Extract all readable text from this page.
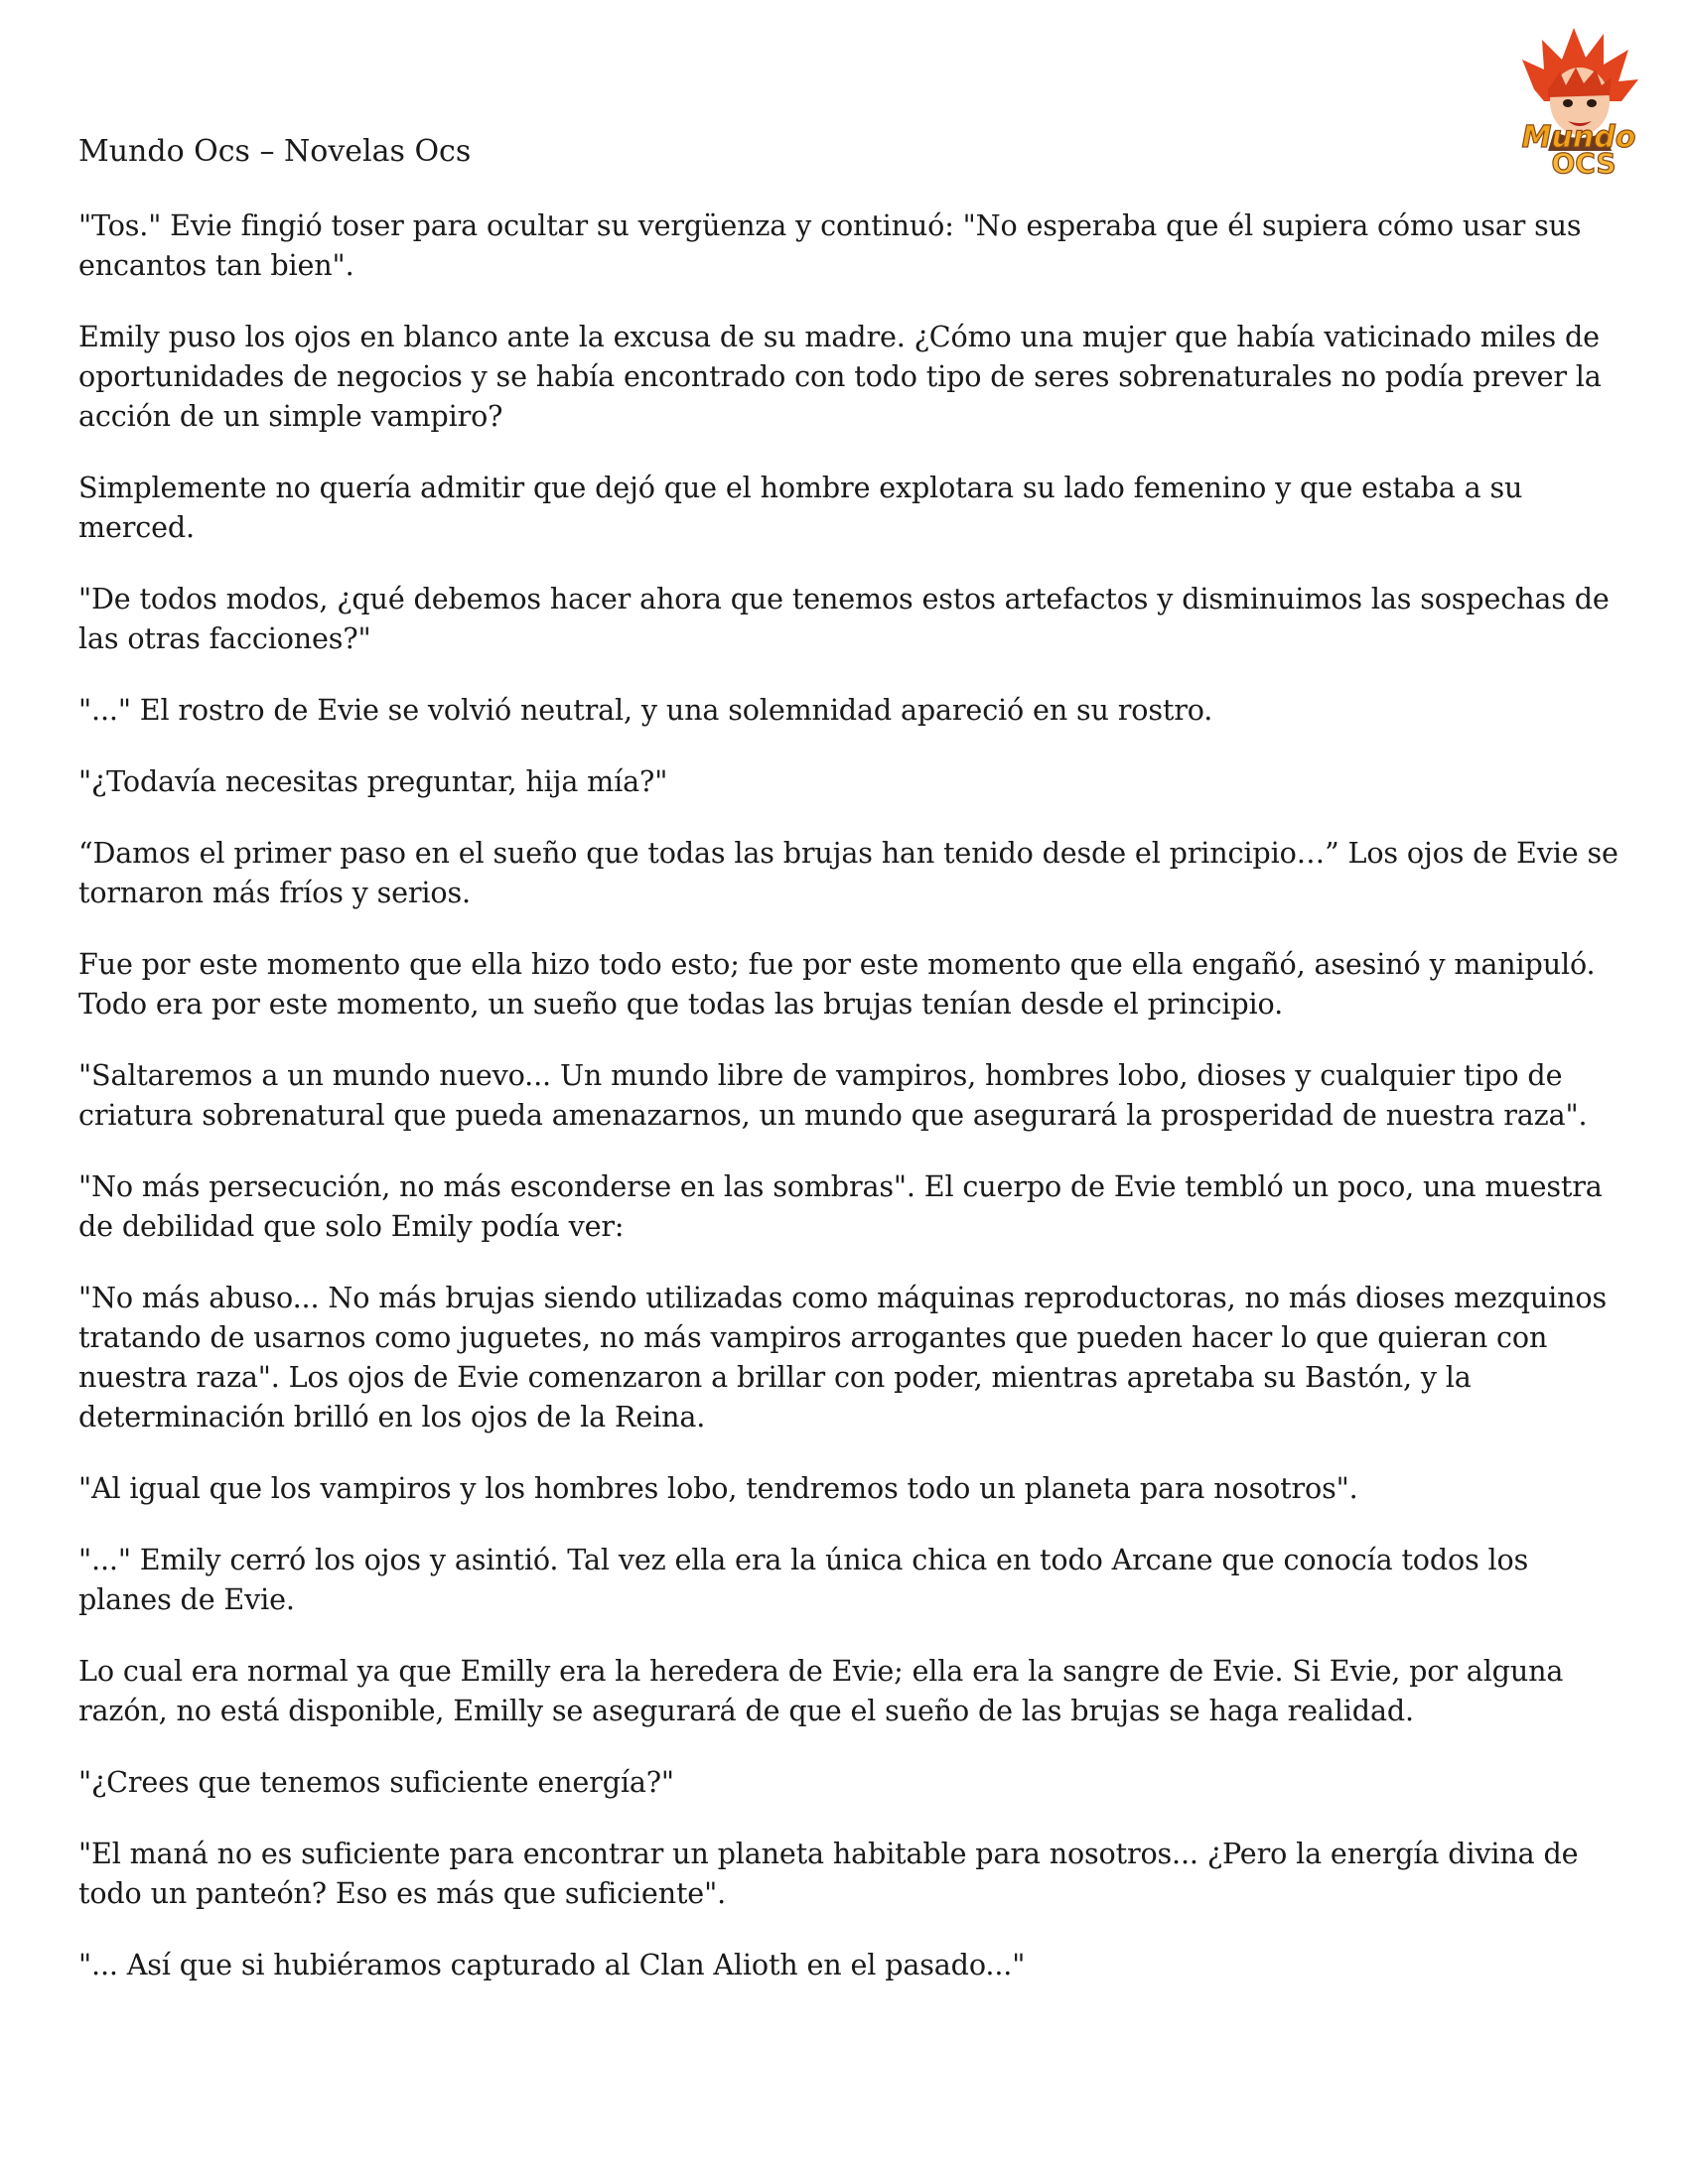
Mundo Ocs – Novelas Ocs	Mundo
OCS

"Tos." Evie fingió toser para ocultar su vergüenza y continuó: "No esperaba que él supiera cómo usar sus encantos tan bien".

Emily puso los ojos en blanco ante la excusa de su madre. ¿Cómo una mujer que había vaticinado miles de oportunidades de negocios y se había encontrado con todo tipo de seres sobrenaturales no podía prever la acción de un simple vampiro?

Simplemente no quería admitir que dejó que el hombre explotara su lado femenino y que estaba a su merced.

"De todos modos, ¿qué debemos hacer ahora que tenemos estos artefactos y disminuimos las sospechas de las otras facciones?"

"..." El rostro de Evie se volvió neutral, y una solemnidad apareció en su rostro.

"¿Todavía necesitas preguntar, hija mía?"

“Damos el primer paso en el sueño que todas las brujas han tenido desde el principio…” Los ojos de Evie se tornaron más fríos y serios.

Fue por este momento que ella hizo todo esto; fue por este momento que ella engañó, asesinó y manipuló. Todo era por este momento, un sueño que todas las brujas tenían desde el principio.

"Saltaremos a un mundo nuevo... Un mundo libre de vampiros, hombres lobo, dioses y cualquier tipo de criatura sobrenatural que pueda amenazarnos, un mundo que asegurará la prosperidad de nuestra raza".

"No más persecución, no más esconderse en las sombras". El cuerpo de Evie tembló un poco, una muestra de debilidad que solo Emily podía ver:

"No más abuso... No más brujas siendo utilizadas como máquinas reproductoras, no más dioses mezquinos tratando de usarnos como juguetes, no más vampiros arrogantes que pueden hacer lo que quieran con nuestra raza". Los ojos de Evie comenzaron a brillar con poder, mientras apretaba su Bastón, y la determinación brilló en los ojos de la Reina.

"Al igual que los vampiros y los hombres lobo, tendremos todo un planeta para nosotros".

"..." Emily cerró los ojos y asintió. Tal vez ella era la única chica en todo Arcane que conocía todos los planes de Evie.

Lo cual era normal ya que Emilly era la heredera de Evie; ella era la sangre de Evie. Si Evie, por alguna razón, no está disponible, Emilly se asegurará de que el sueño de las brujas se haga realidad.

"¿Crees que tenemos suficiente energía?"

"El maná no es suficiente para encontrar un planeta habitable para nosotros... ¿Pero la energía divina de todo un panteón? Eso es más que suficiente".

"... Así que si hubiéramos capturado al Clan Alioth en el pasado..."
